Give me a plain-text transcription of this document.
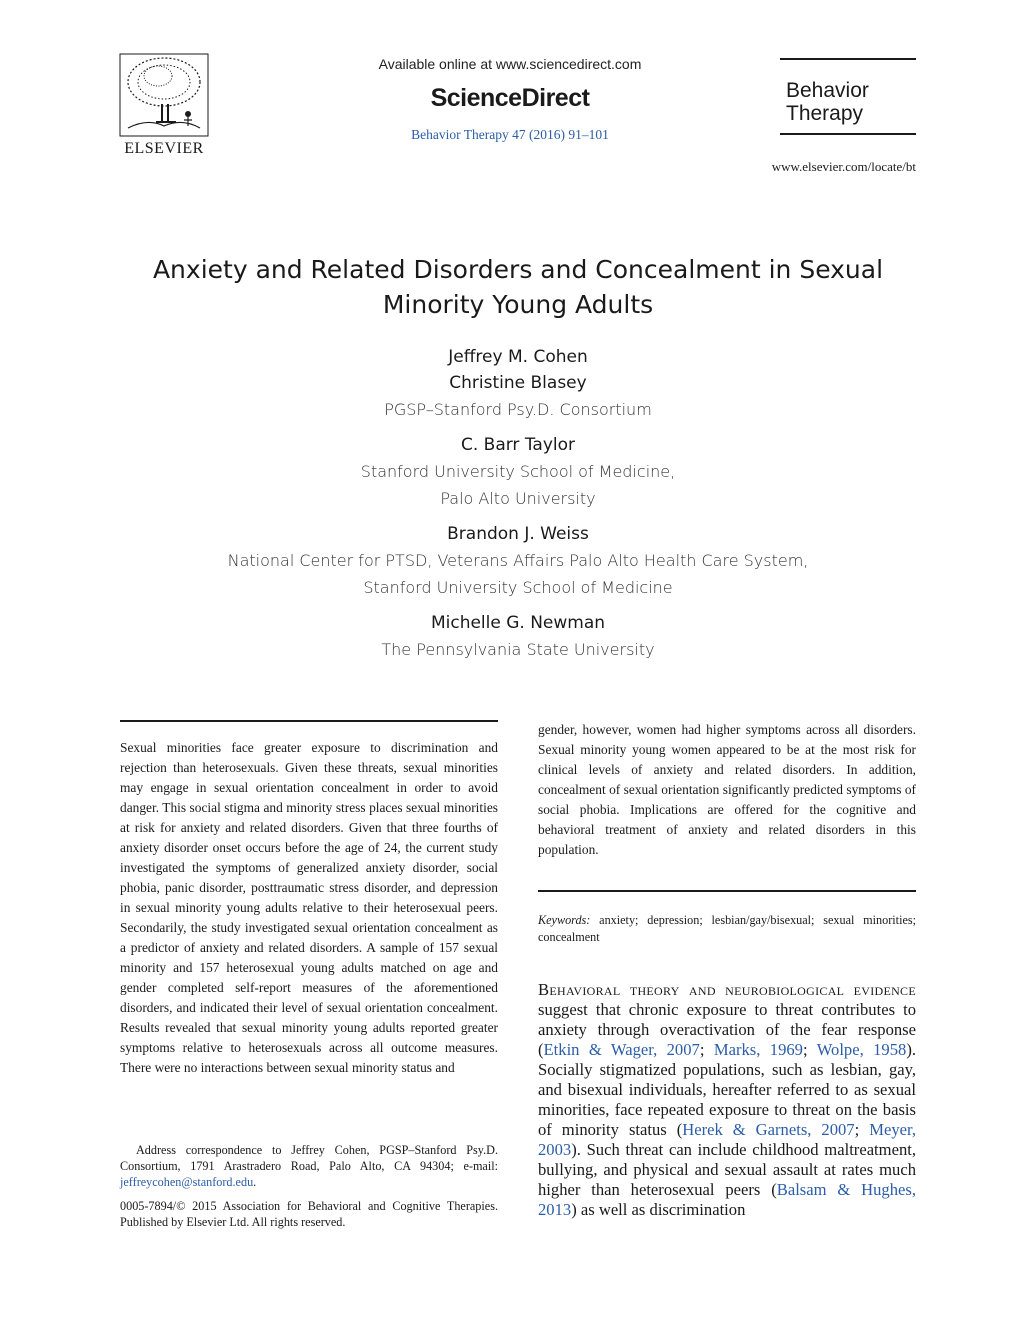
ELSEVIER
Available online at www.sciencedirect.com
ScienceDirect
Behavior Therapy 47 (2016) 91–101
Behavior
Therapy
www.elsevier.com/locate/bt
Anxiety and Related Disorders and Concealment in Sexual Minority Young Adults
Jeffrey M. Cohen
Christine Blasey
PGSP–Stanford Psy.D. Consortium
C. Barr Taylor
Stanford University School of Medicine,
Palo Alto University
Brandon J. Weiss
National Center for PTSD, Veterans Affairs Palo Alto Health Care System,
Stanford University School of Medicine
Michelle G. Newman
The Pennsylvania State University
Sexual minorities face greater exposure to discrimination and rejection than heterosexuals. Given these threats, sexual minorities may engage in sexual orientation concealment in order to avoid danger. This social stigma and minority stress places sexual minorities at risk for anxiety and related disorders. Given that three fourths of anxiety disorder onset occurs before the age of 24, the current study investigated the symptoms of generalized anxiety disorder, social phobia, panic disorder, posttraumatic stress disorder, and depression in sexual minority young adults relative to their heterosexual peers. Secondarily, the study investigated sexual orientation concealment as a predictor of anxiety and related disorders. A sample of 157 sexual minority and 157 heterosexual young adults matched on age and gender completed self-report measures of the aforementioned disorders, and indicated their level of sexual orientation concealment. Results revealed that sexual minority young adults reported greater symptoms relative to heterosexuals across all outcome measures. There were no interactions between sexual minority status and
Address correspondence to Jeffrey Cohen, PGSP–Stanford Psy.D. Consortium, 1791 Arastradero Road, Palo Alto, CA 94304; e-mail: jeffreycohen@stanford.edu.
0005-7894/© 2015 Association for Behavioral and Cognitive Therapies. Published by Elsevier Ltd. All rights reserved.
gender, however, women had higher symptoms across all disorders. Sexual minority young women appeared to be at the most risk for clinical levels of anxiety and related disorders. In addition, concealment of sexual orientation significantly predicted symptoms of social phobia. Implications are offered for the cognitive and behavioral treatment of anxiety and related disorders in this population.
Keywords: anxiety; depression; lesbian/gay/bisexual; sexual minorities; concealment
Behavioral theory and neurobiological evidence suggest that chronic exposure to threat contributes to anxiety through overactivation of the fear response (Etkin & Wager, 2007; Marks, 1969; Wolpe, 1958). Socially stigmatized populations, such as lesbian, gay, and bisexual individuals, hereafter referred to as sexual minorities, face repeated exposure to threat on the basis of minority status (Herek & Garnets, 2007; Meyer, 2003). Such threat can include childhood maltreatment, bullying, and physical and sexual assault at rates much higher than heterosexual peers (Balsam & Hughes, 2013) as well as discrimination
